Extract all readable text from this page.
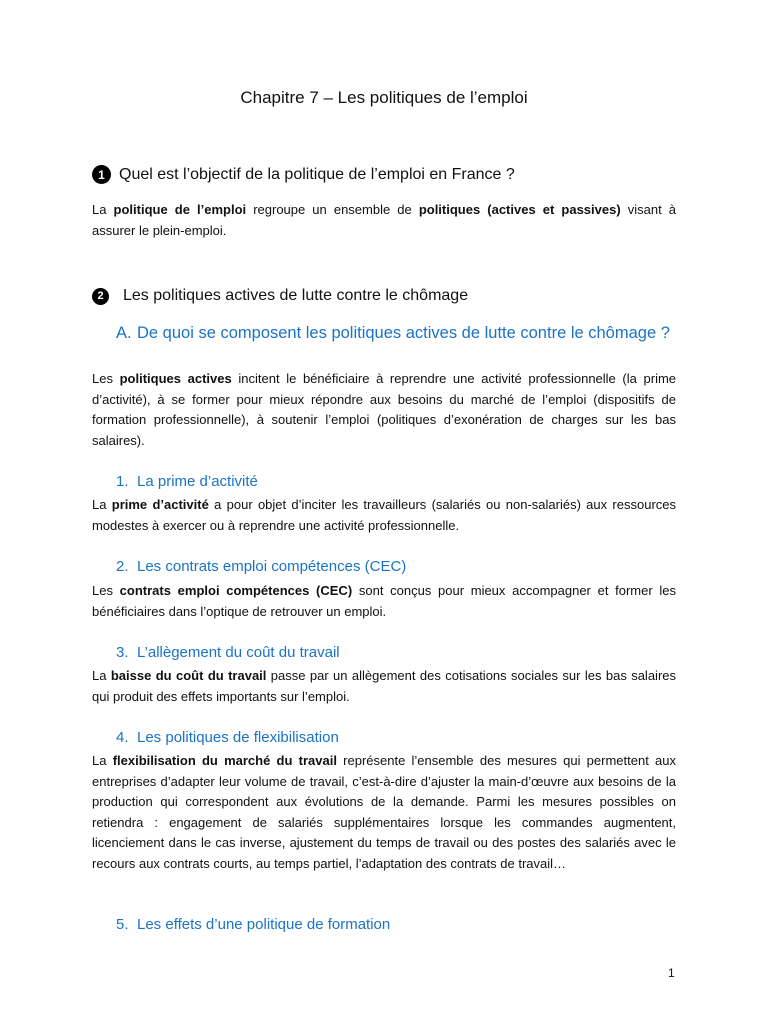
Chapitre 7 – Les politiques de l’emploi
1 Quel est l’objectif de la politique de l’emploi en France ?
La politique de l’emploi regroupe un ensemble de politiques (actives et passives) visant à assurer le plein-emploi.
2	Les politiques actives de lutte contre le chômage
A. De quoi se composent les politiques actives de lutte contre le chômage ?
Les politiques actives incitent le bénéficiaire à reprendre une activité professionnelle (la prime d’activité), à se former pour mieux répondre aux besoins du marché de l’emploi (dispositifs de formation professionnelle), à soutenir l’emploi (politiques d’exonération de charges sur les bas salaires).
1. La prime d’activité
La prime d’activité a pour objet d’inciter les travailleurs (salariés ou non-salariés) aux ressources modestes à exercer ou à reprendre une activité professionnelle.
2. Les contrats emploi compétences (CEC)
Les contrats emploi compétences (CEC) sont conçus pour mieux accompagner et former les bénéficiaires dans l’optique de retrouver un emploi.
3. L’allègement du coût du travail
La baisse du coût du travail passe par un allègement des cotisations sociales sur les bas salaires qui produit des effets importants sur l’emploi.
4. Les politiques de flexibilisation
La flexibilisation du marché du travail représente l’ensemble des mesures qui permettent aux entreprises d’adapter leur volume de travail, c’est-à-dire d’ajuster la main-d’œuvre aux besoins de la production qui correspondent aux évolutions de la demande. Parmi les mesures possibles on retiendra : engagement de salariés supplémentaires lorsque les commandes augmentent, licenciement dans le cas inverse, ajustement du temps de travail ou des postes des salariés avec le recours aux contrats courts, au temps partiel, l’adaptation des contrats de travail…
5. Les effets d’une politique de formation
1
